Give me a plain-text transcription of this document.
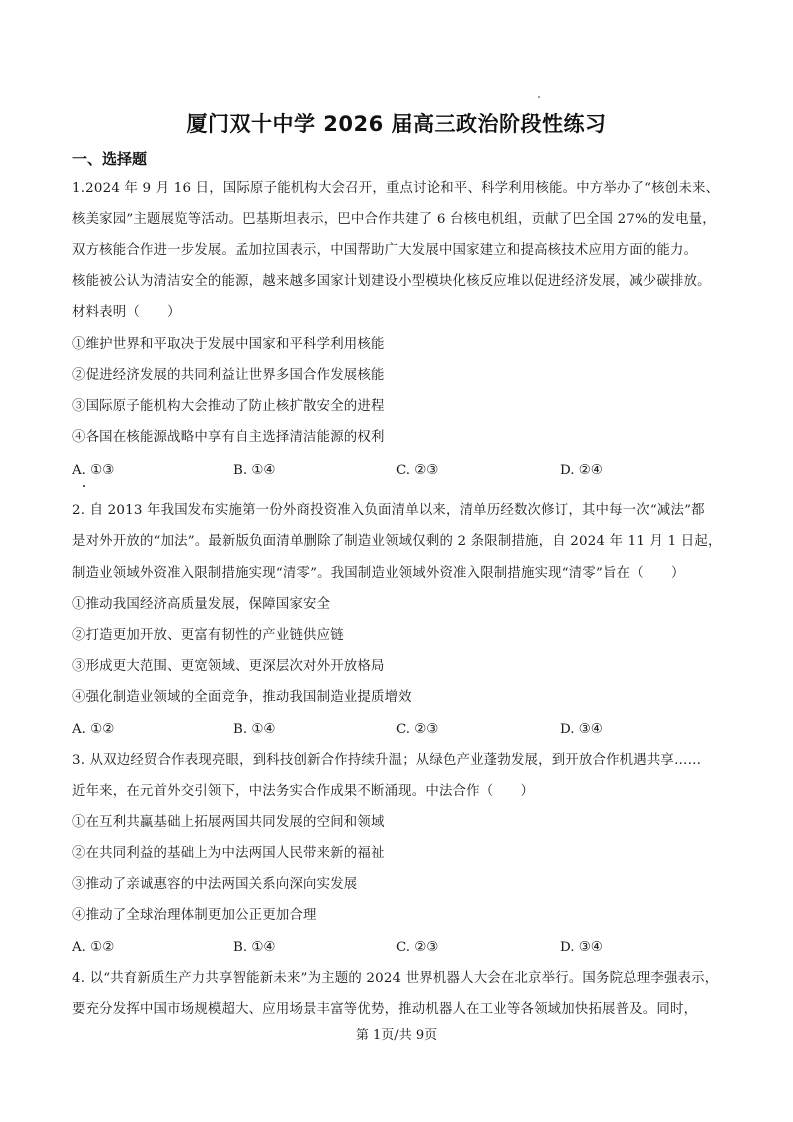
厦门双十中学 2026 届高三政治阶段性练习
一、选择题
1.2024 年 9 月 16 日，国际原子能机构大会召开，重点讨论和平、科学利用核能。中方举办了“核创未来、
核美家园”主题展览等活动。巴基斯坦表示，巴中合作共建了 6 台核电机组，贡献了巴全国 27%的发电量，
双方核能合作进一步发展。孟加拉国表示，中国帮助广大发展中国家建立和提高核技术应用方面的能力。
核能被公认为清洁安全的能源，越来越多国家计划建设小型模块化核反应堆以促进经济发展，减少碳排放。
材料表明（　　）
①维护世界和平取决于发展中国家和平科学利用核能
②促进经济发展的共同利益让世界多国合作发展核能
③国际原子能机构大会推动了防止核扩散安全的进程
④各国在核能源战略中享有自主选择清洁能源的权利
A. ①③	B. ①④	C. ②③	D. ②④
2. 自 2013 年我国发布实施第一份外商投资准入负面清单以来，清单历经数次修订，其中每一次“减法”都
是对外开放的“加法”。最新版负面清单删除了制造业领域仅剩的 2 条限制措施，自 2024 年 11 月 1 日起，
制造业领域外资准入限制措施实现“清零”。我国制造业领域外资准入限制措施实现“清零”旨在（　　）
①推动我国经济高质量发展，保障国家安全
②打造更加开放、更富有韧性的产业链供应链
③形成更大范围、更宽领域、更深层次对外开放格局
④强化制造业领域的全面竞争，推动我国制造业提质增效
A. ①②	B. ①④	C. ②③	D. ③④
3. 从双边经贸合作表现亮眼，到科技创新合作持续升温；从绿色产业蓬勃发展，到开放合作机遇共享……
近年来，在元首外交引领下，中法务实合作成果不断涌现。中法合作（　　）
①在互利共赢基础上拓展两国共同发展的空间和领域
②在共同利益的基础上为中法两国人民带来新的福祉
③推动了亲诚惠容的中法两国关系向深向实发展
④推动了全球治理体制更加公正更加合理
A. ①②	B. ①④	C. ②③	D. ③④
4. 以“共育新质生产力共享智能新未来”为主题的 2024 世界机器人大会在北京举行。国务院总理李强表示，
要充分发挥中国市场规模超大、应用场景丰富等优势，推动机器人在工业等各领域加快拓展普及。同时，
第 1页/共 9页
